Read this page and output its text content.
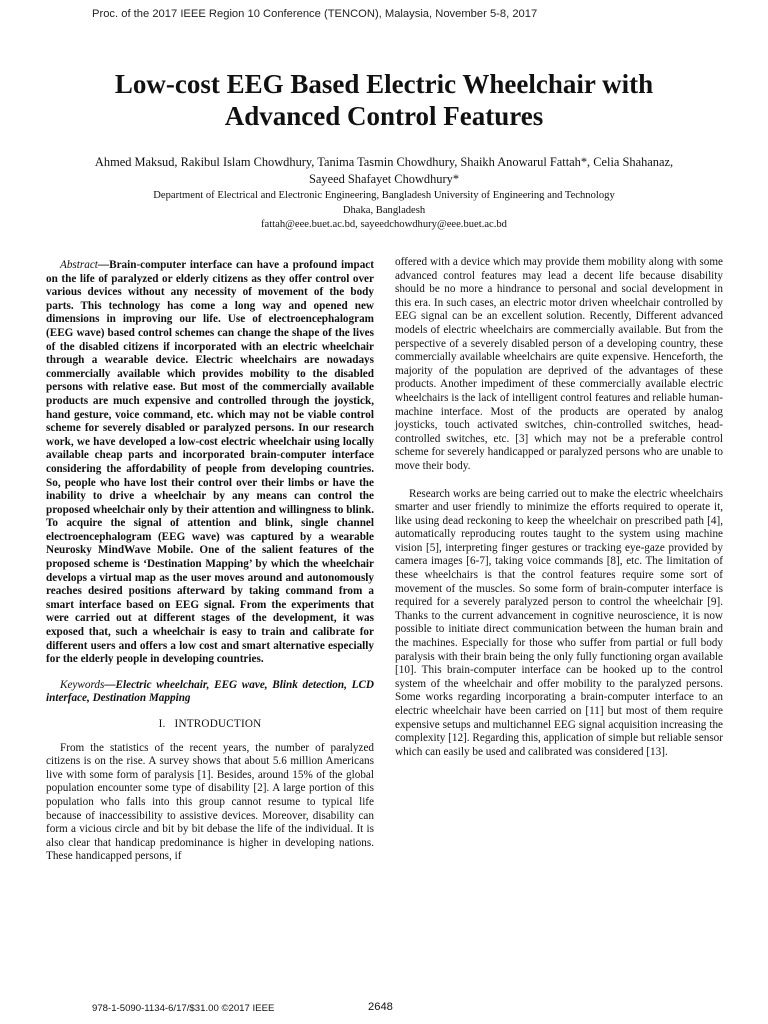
Proc. of the 2017 IEEE Region 10 Conference (TENCON), Malaysia, November 5-8, 2017
Low-cost EEG Based Electric Wheelchair with
Advanced Control Features
Ahmed Maksud, Rakibul Islam Chowdhury, Tanima Tasmin Chowdhury, Shaikh Anowarul Fattah*, Celia Shahanaz,
Sayeed Shafayet Chowdhury*
Department of Electrical and Electronic Engineering, Bangladesh University of Engineering and Technology
Dhaka, Bangladesh
fattah@eee.buet.ac.bd, sayeedchowdhury@eee.buet.ac.bd

Abstract—Brain-computer interface can have a profound impact on the life of paralyzed or elderly citizens as they offer control over various devices without any necessity of movement of the body parts. This technology has come a long way and opened new dimensions in improving our life. Use of electroencephalogram (EEG wave) based control schemes can change the shape of the lives of the disabled citizens if incorporated with an electric wheelchair through a wearable device. Electric wheelchairs are nowadays commercially available which provides mobility to the disabled persons with relative ease. But most of the commercially available products are much expensive and controlled through the joystick, hand gesture, voice command, etc. which may not be viable control scheme for severely disabled or paralyzed persons. In our research work, we have developed a low-cost electric wheelchair using locally available cheap parts and incorporated brain-computer interface considering the affordability of people from developing countries. So, people who have lost their control over their limbs or have the inability to drive a wheelchair by any means can control the proposed wheelchair only by their attention and willingness to blink. To acquire the signal of attention and blink, single channel electroencephalogram (EEG wave) was captured by a wearable Neurosky MindWave Mobile. One of the salient features of the proposed scheme is ‘Destination Mapping’ by which the wheelchair develops a virtual map as the user moves around and autonomously reaches desired positions afterward by taking command from a smart interface based on EEG signal. From the experiments that were carried out at different stages of the development, it was exposed that, such a wheelchair is easy to train and calibrate for different users and offers a low cost and smart alternative especially for the elderly people in developing countries.

Keywords—Electric wheelchair, EEG wave, Blink detection, LCD interface, Destination Mapping

I. INTRODUCTION

From the statistics of the recent years, the number of paralyzed citizens is on the rise. A survey shows that about 5.6 million Americans live with some form of paralysis [1]. Besides, around 15% of the global population encounter some type of disability [2]. A large portion of this population who falls into this group cannot resume to typical life because of inaccessibility to assistive devices. Moreover, disability can form a vicious circle and bit by bit debase the life of the individual. It is also clear that handicap predominance is higher in developing nations. These handicapped persons, if

offered with a device which may provide them mobility along with some advanced control features may lead a decent life because disability should be no more a hindrance to personal and social development in this era. In such cases, an electric motor driven wheelchair controlled by EEG signal can be an excellent solution. Recently, Different advanced models of electric wheelchairs are commercially available. But from the perspective of a severely disabled person of a developing country, these commercially available wheelchairs are quite expensive. Henceforth, the majority of the population are deprived of the advantages of these products. Another impediment of these commercially available electric wheelchairs is the lack of intelligent control features and reliable human-machine interface. Most of the products are operated by analog joysticks, touch activated switches, chin-controlled switches, head-controlled switches, etc. [3] which may not be a preferable control scheme for severely handicapped or paralyzed persons who are unable to move their body.

Research works are being carried out to make the electric wheelchairs smarter and user friendly to minimize the efforts required to operate it, like using dead reckoning to keep the wheelchair on prescribed path [4], automatically reproducing routes taught to the system using machine vision [5], interpreting finger gestures or tracking eye-gaze provided by camera images [6-7], taking voice commands [8], etc. The limitation of these wheelchairs is that the control features require some sort of movement of the muscles. So some form of brain-computer interface is required for a severely paralyzed person to control the wheelchair [9]. Thanks to the current advancement in cognitive neuroscience, it is now possible to initiate direct communication between the human brain and the machines. Especially for those who suffer from partial or full body paralysis with their brain being the only fully functioning organ available [10]. This brain-computer interface can be hooked up to the control system of the wheelchair and offer mobility to the paralyzed persons. Some works regarding incorporating a brain-computer interface to an electric wheelchair have been carried on [11] but most of them require expensive setups and multichannel EEG signal acquisition increasing the complexity [12]. Regarding this, application of simple but reliable sensor which can easily be used and calibrated was considered [13].

978-1-5090-1134-6/17/$31.00 ©2017 IEEE	2648
